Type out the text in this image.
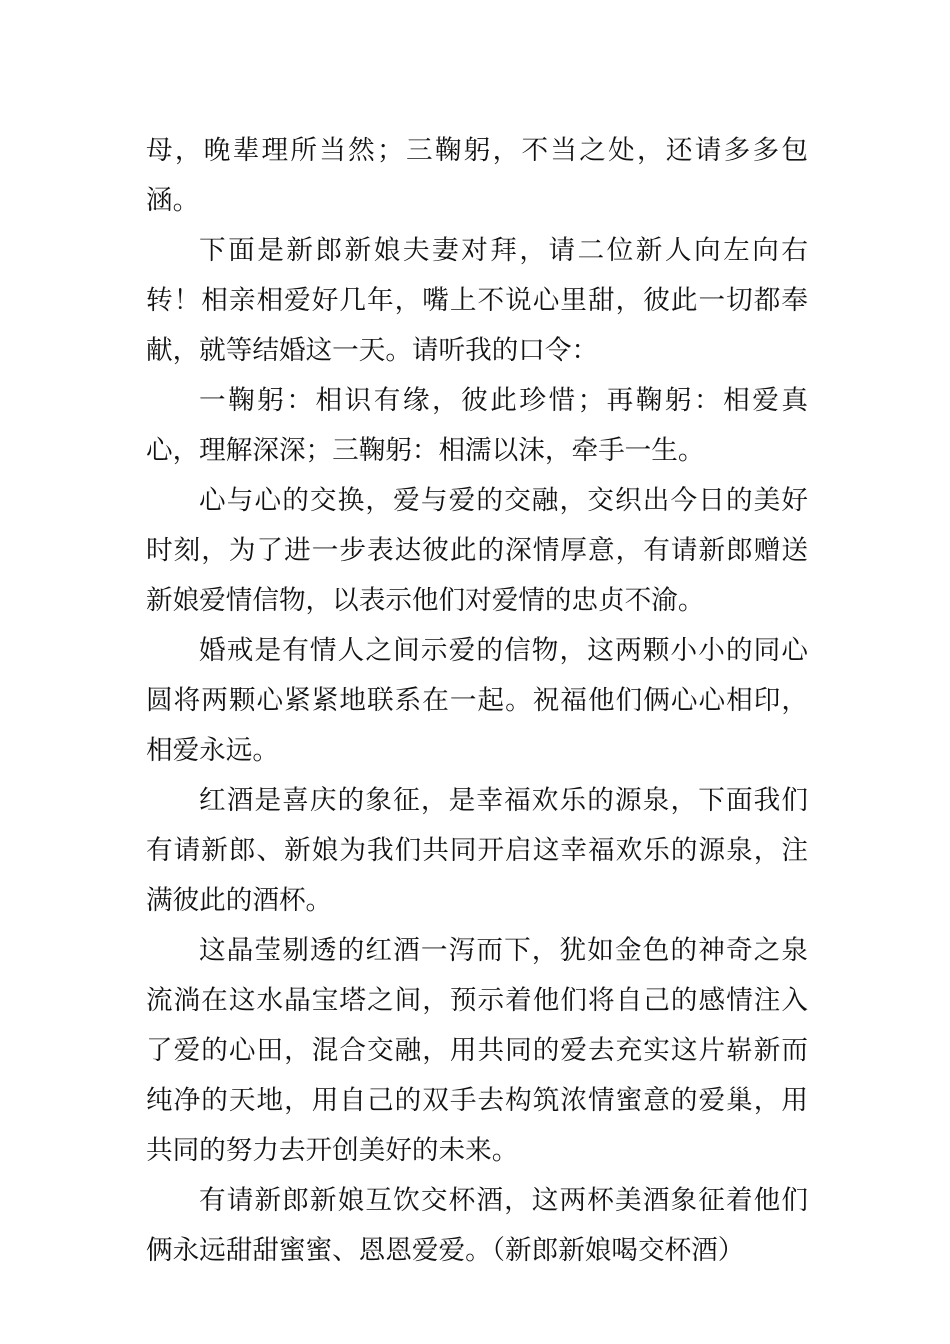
母，晚辈理所当然；三鞠躬，不当之处，还请多多包涵。

下面是新郎新娘夫妻对拜，请二位新人向左向右转！相亲相爱好几年，嘴上不说心里甜，彼此一切都奉献，就等结婚这一天。请听我的口令：

一鞠躬：相识有缘，彼此珍惜；再鞠躬：相爱真心，理解深深；三鞠躬：相濡以沫，牵手一生。

心与心的交换，爱与爱的交融，交织出今日的美好时刻，为了进一步表达彼此的深情厚意，有请新郎赠送新娘爱情信物，以表示他们对爱情的忠贞不渝。

婚戒是有情人之间示爱的信物，这两颗小小的同心圆将两颗心紧紧地联系在一起。祝福他们俩心心相印，相爱永远。

红酒是喜庆的象征，是幸福欢乐的源泉，下面我们有请新郎、新娘为我们共同开启这幸福欢乐的源泉，注满彼此的酒杯。

这晶莹剔透的红酒一泻而下，犹如金色的神奇之泉流淌在这水晶宝塔之间，预示着他们将自己的感情注入了爱的心田，混合交融，用共同的爱去充实这片崭新而纯净的天地，用自己的双手去构筑浓情蜜意的爱巢，用共同的努力去开创美好的未来。

有请新郎新娘互饮交杯酒，这两杯美酒象征着他们俩永远甜甜蜜蜜、恩恩爱爱。（新郎新娘喝交杯酒）
